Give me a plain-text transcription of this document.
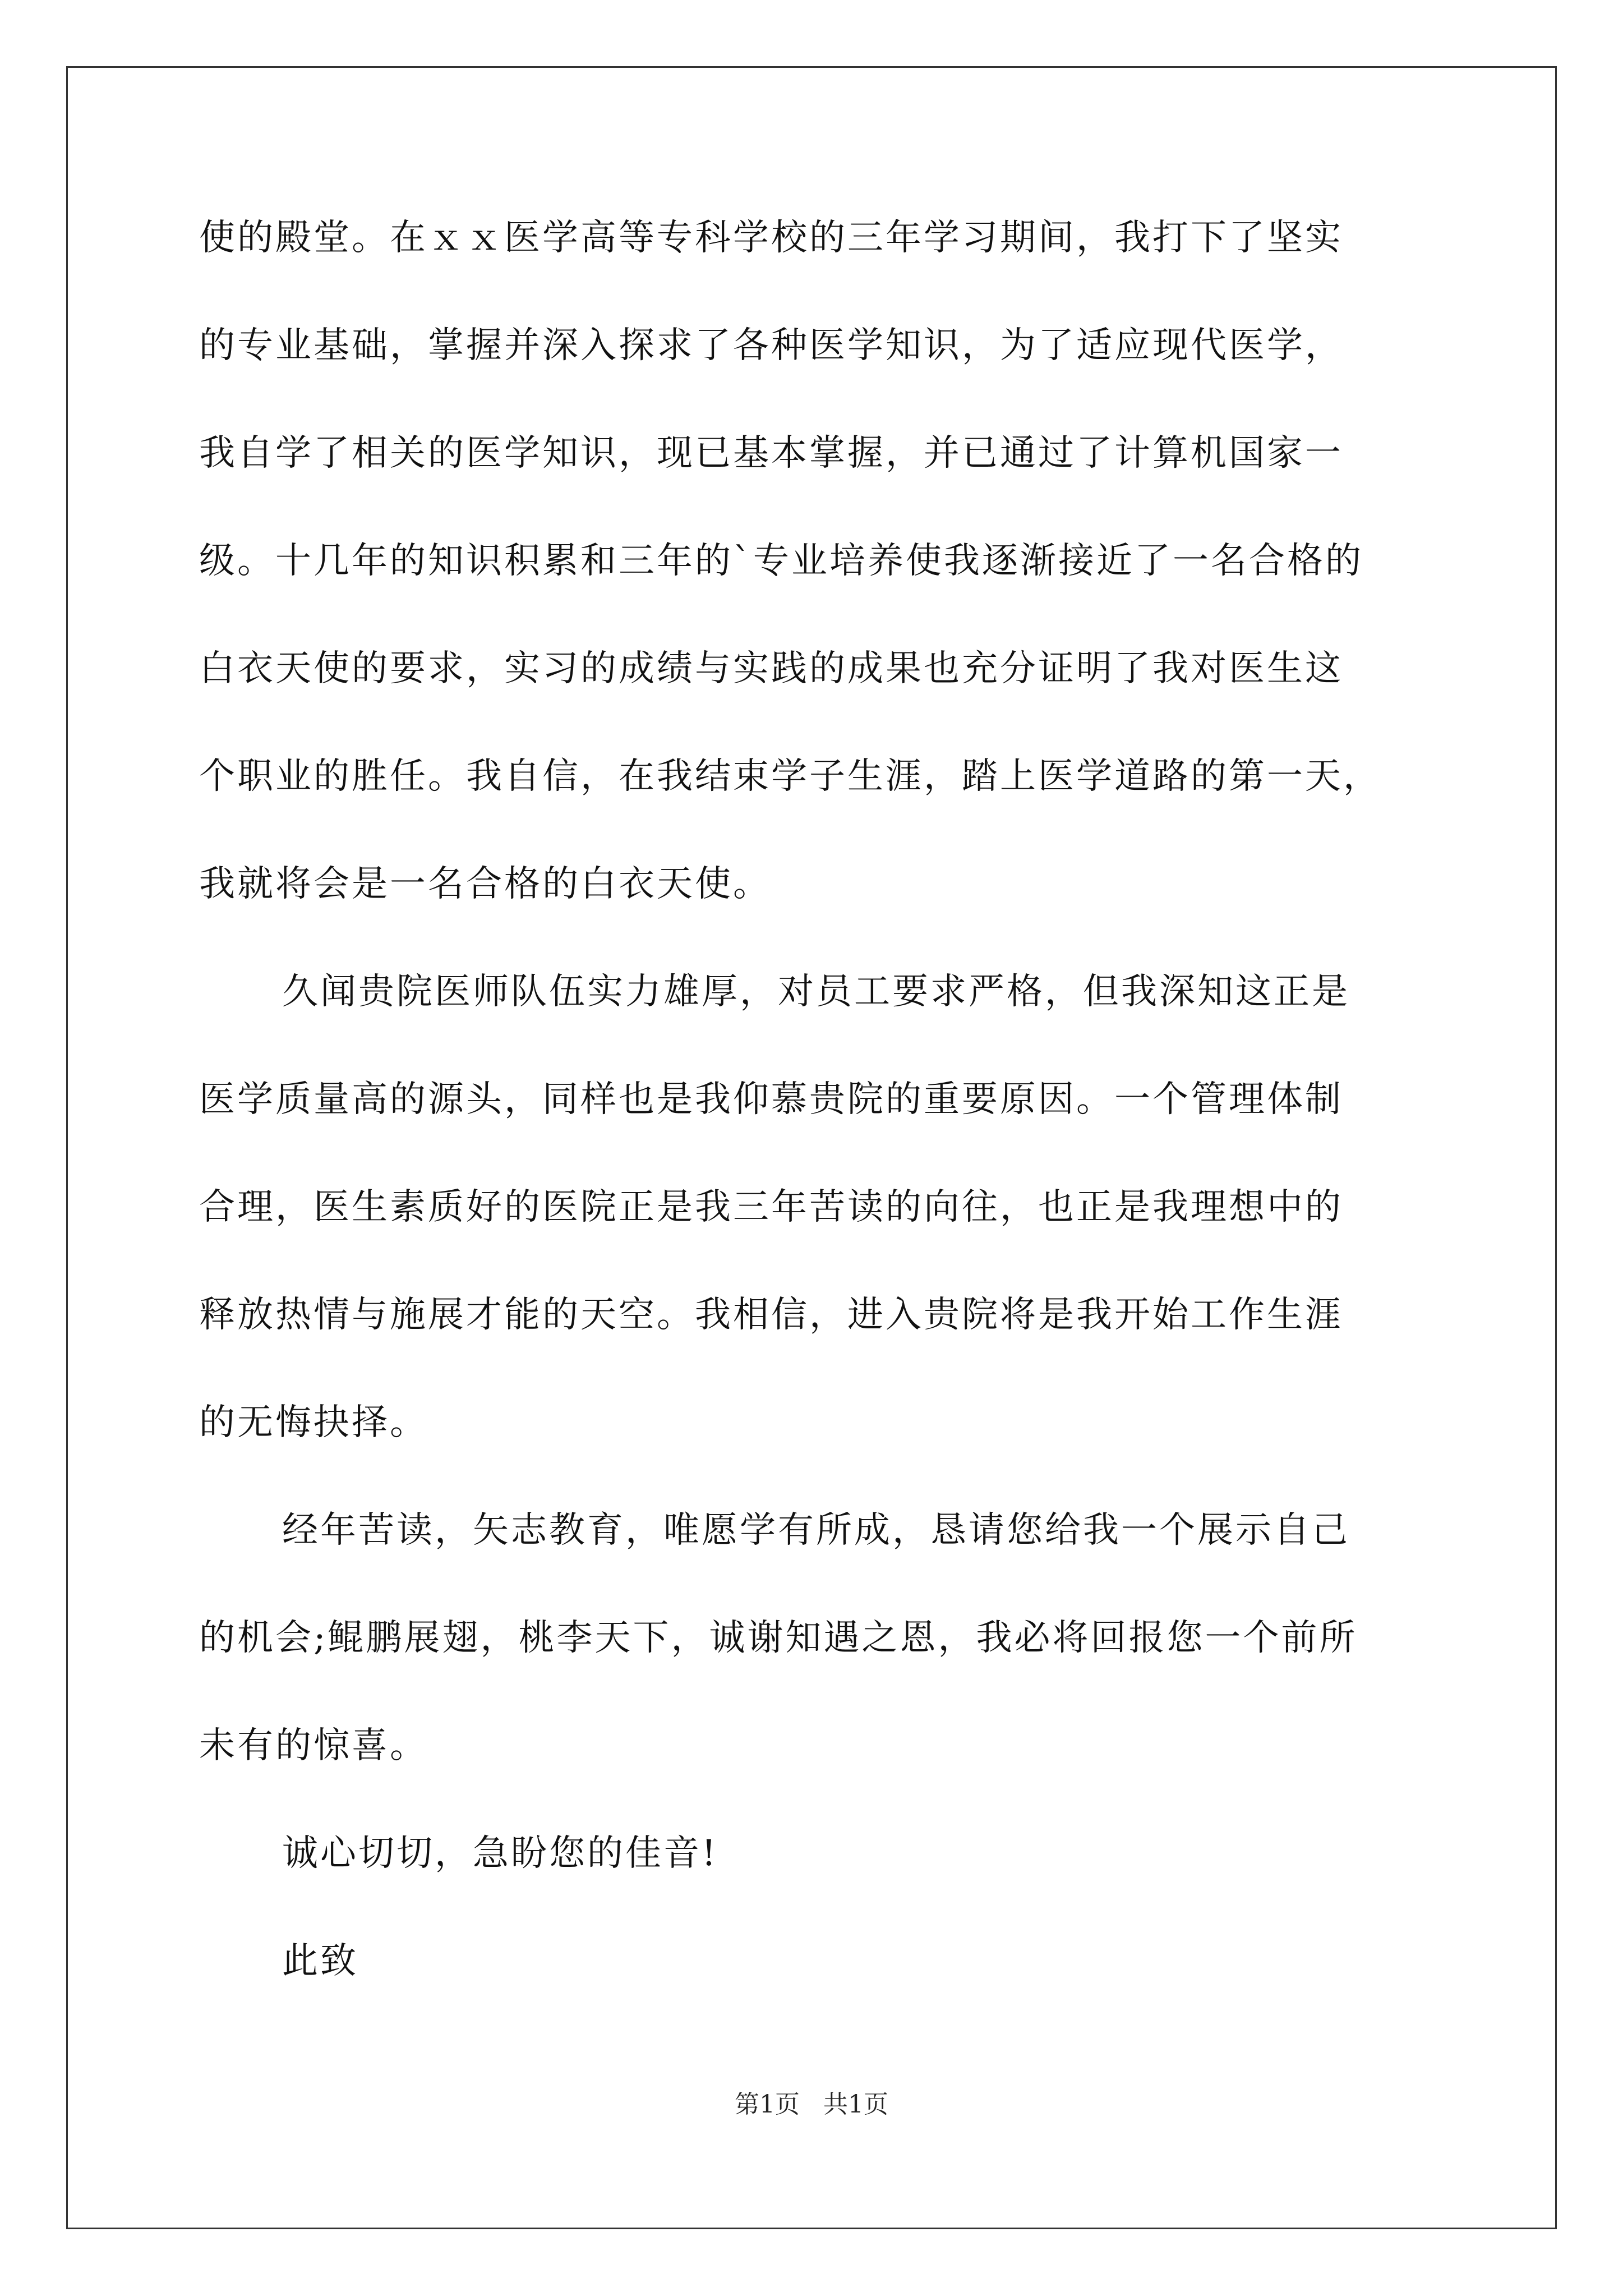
使的殿堂。在ｘｘ医学高等专科学校的三年学习期间，我打下了坚实
的专业基础，掌握并深入探求了各种医学知识，为了适应现代医学，
我自学了相关的医学知识，现已基本掌握，并已通过了计算机国家一
级。十几年的知识积累和三年的`专业培养使我逐渐接近了一名合格的
白衣天使的要求，实习的成绩与实践的成果也充分证明了我对医生这
个职业的胜任。我自信，在我结束学子生涯，踏上医学道路的第一天，
我就将会是一名合格的白衣天使。
久闻贵院医师队伍实力雄厚，对员工要求严格，但我深知这正是
医学质量高的源头，同样也是我仰慕贵院的重要原因。一个管理体制
合理，医生素质好的医院正是我三年苦读的向往，也正是我理想中的
释放热情与施展才能的天空。我相信，进入贵院将是我开始工作生涯
的无悔抉择。
经年苦读，矢志教育，唯愿学有所成，恳请您给我一个展示自己
的机会;鲲鹏展翅，桃李天下，诚谢知遇之恩，我必将回报您一个前所
未有的惊喜。
诚心切切，急盼您的佳音!
此致
第1页   共1页
